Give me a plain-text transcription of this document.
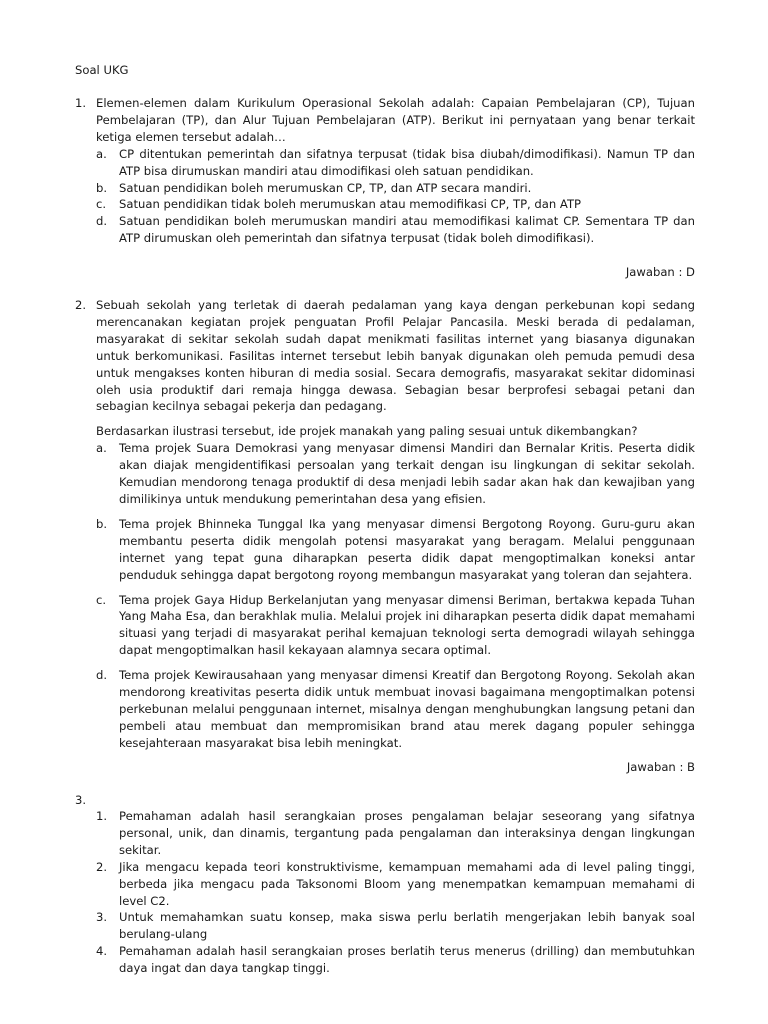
Soal UKG
1. Elemen-elemen dalam Kurikulum Operasional Sekolah adalah: Capaian Pembelajaran (CP), Tujuan Pembelajaran (TP), dan Alur Tujuan Pembelajaran (ATP). Berikut ini pernyataan yang benar terkait ketiga elemen tersebut adalah…

a. CP ditentukan pemerintah dan sifatnya terpusat (tidak bisa diubah/dimodifikasi). Namun TP dan ATP bisa dirumuskan mandiri atau dimodifikasi oleh satuan pendidikan.
b. Satuan pendidikan boleh merumuskan CP, TP, dan ATP secara mandiri.
c. Satuan pendidikan tidak boleh merumuskan atau memodifikasi CP, TP, dan ATP
d. Satuan pendidikan boleh merumuskan mandiri atau memodifikasi kalimat CP. Sementara TP dan ATP dirumuskan oleh pemerintah dan sifatnya terpusat (tidak boleh dimodifikasi).
Jawaban : D
2. Sebuah sekolah yang terletak di daerah pedalaman yang kaya dengan perkebunan kopi sedang merencanakan kegiatan projek penguatan Profil Pelajar Pancasila. Meski berada di pedalaman, masyarakat di sekitar sekolah sudah dapat menikmati fasilitas internet yang biasanya digunakan untuk berkomunikasi. Fasilitas internet tersebut lebih banyak digunakan oleh pemuda pemudi desa untuk mengakses konten hiburan di media sosial. Secara demografis, masyarakat sekitar didominasi oleh usia produktif dari remaja hingga dewasa. Sebagian besar berprofesi sebagai petani dan sebagian kecilnya sebagai pekerja dan pedagang.

Berdasarkan ilustrasi tersebut, ide projek manakah yang paling sesuai untuk dikembangkan?

a. Tema projek Suara Demokrasi yang menyasar dimensi Mandiri dan Bernalar Kritis. Peserta didik akan diajak mengidentifikasi persoalan yang terkait dengan isu lingkungan di sekitar sekolah. Kemudian mendorong tenaga produktif di desa menjadi lebih sadar akan hak dan kewajiban yang dimilikinya untuk mendukung pemerintahan desa yang efisien.
b. Tema projek Bhinneka Tunggal Ika yang menyasar dimensi Bergotong Royong. Guru-guru akan membantu peserta didik mengolah potensi masyarakat yang beragam. Melalui penggunaan internet yang tepat guna diharapkan peserta didik dapat mengoptimalkan koneksi antar penduduk sehingga dapat bergotong royong membangun masyarakat yang toleran dan sejahtera.
c. Tema projek Gaya Hidup Berkelanjutan yang menyasar dimensi Beriman, bertakwa kepada Tuhan Yang Maha Esa, dan berakhlak mulia. Melalui projek ini diharapkan peserta didik dapat memahami situasi yang terjadi di masyarakat perihal kemajuan teknologi serta demogradi wilayah sehingga dapat mengoptimalkan hasil kekayaan alamnya secara optimal.
d. Tema projek Kewirausahaan yang menyasar dimensi Kreatif dan Bergotong Royong. Sekolah akan mendorong kreativitas peserta didik untuk membuat inovasi bagaimana mengoptimalkan potensi perkebunan melalui penggunaan internet, misalnya dengan menghubungkan langsung petani dan pembeli atau membuat dan mempromisikan brand atau merek dagang populer sehingga kesejahteraan masyarakat bisa lebih meningkat.
Jawaban : B
3.
1. Pemahaman adalah hasil serangkaian proses pengalaman belajar seseorang yang sifatnya personal, unik, dan dinamis, tergantung pada pengalaman dan interaksinya dengan lingkungan sekitar.
2. Jika mengacu kepada teori konstruktivisme, kemampuan memahami ada di level paling tinggi, berbeda jika mengacu pada Taksonomi Bloom yang menempatkan kemampuan memahami di level C2.
3. Untuk memahamkan suatu konsep, maka siswa perlu berlatih mengerjakan lebih banyak soal berulang-ulang
4. Pemahaman adalah hasil serangkaian proses berlatih terus menerus (drilling) dan membutuhkan daya ingat dan daya tangkap tinggi.
